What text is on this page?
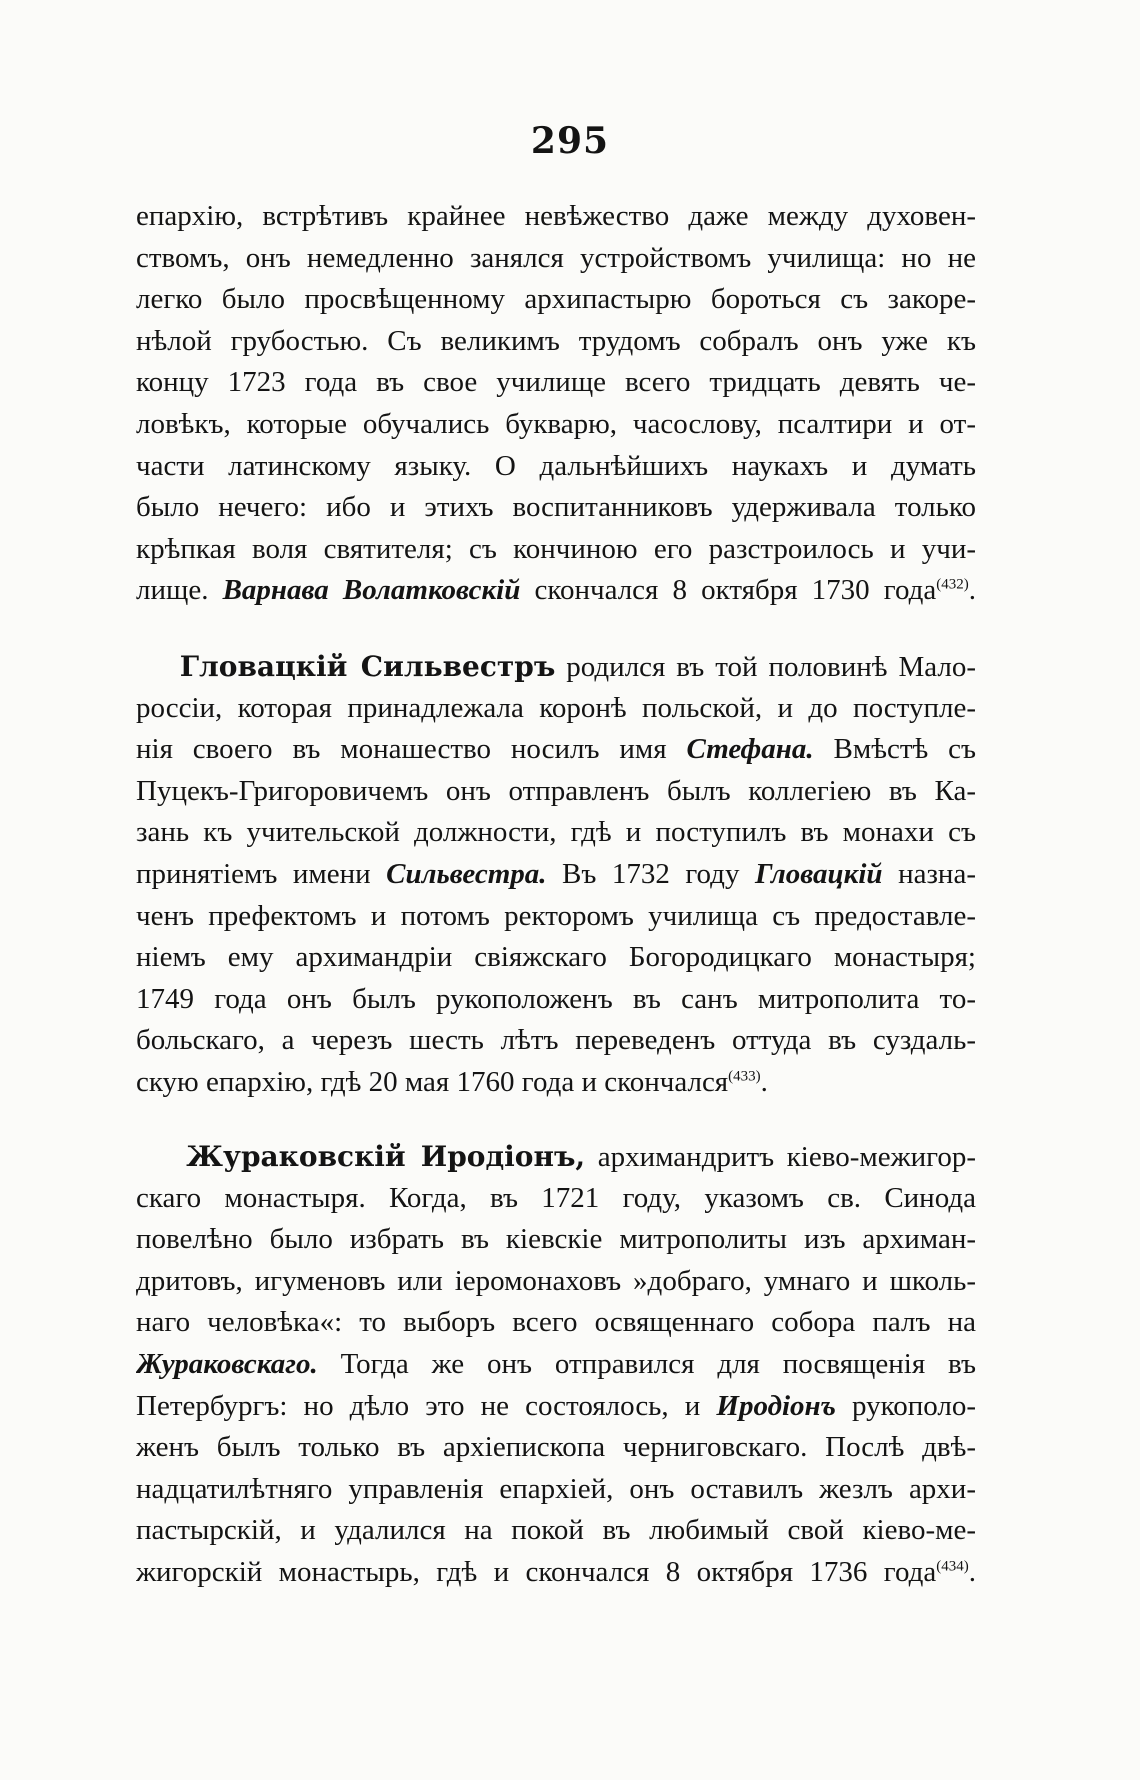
295
епархію, встрѣтивъ крайнее невѣжество даже между духовен-
ствомъ, онъ немедленно занялся устройствомъ училища: но не
легко было просвѣщенному архипастырю бороться съ закоре-
нѣлой грубостью. Съ великимъ трудомъ собралъ онъ уже къ
концу 1723 года въ свое училище всего тридцать девять че-
ловѣкъ, которые обучались букварю, часослову, псалтири и от-
части латинскому языку. О дальнѣйшихъ наукахъ и думать
было нечего: ибо и этихъ воспитанниковъ удерживала только
крѣпкая воля святителя; съ кончиною его разстроилось и учи-
лище. Варнава Волатковскій скончался 8 октября 1730 года$^{(432)}$.
Гловацкій Сильвестръ родился въ той половинѣ Мало-
россіи, которая принадлежала коронѣ польской, и до поступле-
нія своего въ монашество носилъ имя Стефана. Вмѣстѣ съ
Пуцекъ-Григоровичемъ онъ отправленъ былъ коллегіею въ Ка-
зань къ учительской должности, гдѣ и поступилъ въ монахи съ
принятіемъ имени Сильвестра. Въ 1732 году Гловацкій назна-
ченъ префектомъ и потомъ ректоромъ училища съ предоставле-
ніемъ ему архимандріи свіяжскаго Богородицкаго монастыря;
1749 года онъ былъ рукоположенъ въ санъ митрополита то-
больскаго, а черезъ шесть лѣтъ переведенъ оттуда въ суздаль-
скую епархію, гдѣ 20 мая 1760 года и скончался$^{(433)}$.
Жураковскій Иродіонъ, архимандритъ кіево-межигор-
скаго монастыря. Когда, въ 1721 году, указомъ св. Синода
повелѣно было избрать въ кіевскіе митрополиты изъ архиман-
дритовъ, игуменовъ или іеромонаховъ »добраго, умнаго и школь-
наго человѣка«: то выборъ всего освященнаго собора палъ на
Жураковскаго. Тогда же онъ отправился для посвященія въ
Петербургъ: но дѣло это не состоялось, и Иродіонъ рукополо-
женъ былъ только въ архіепископа черниговскаго. Послѣ двѣ-
надцатилѣтняго управленія епархіей, онъ оставилъ жезлъ архи-
пастырскій, и удалился на покой въ любимый свой кіево-ме-
жигорскій монастырь, гдѣ и скончался 8 октября 1736 года$^{(434)}$.
